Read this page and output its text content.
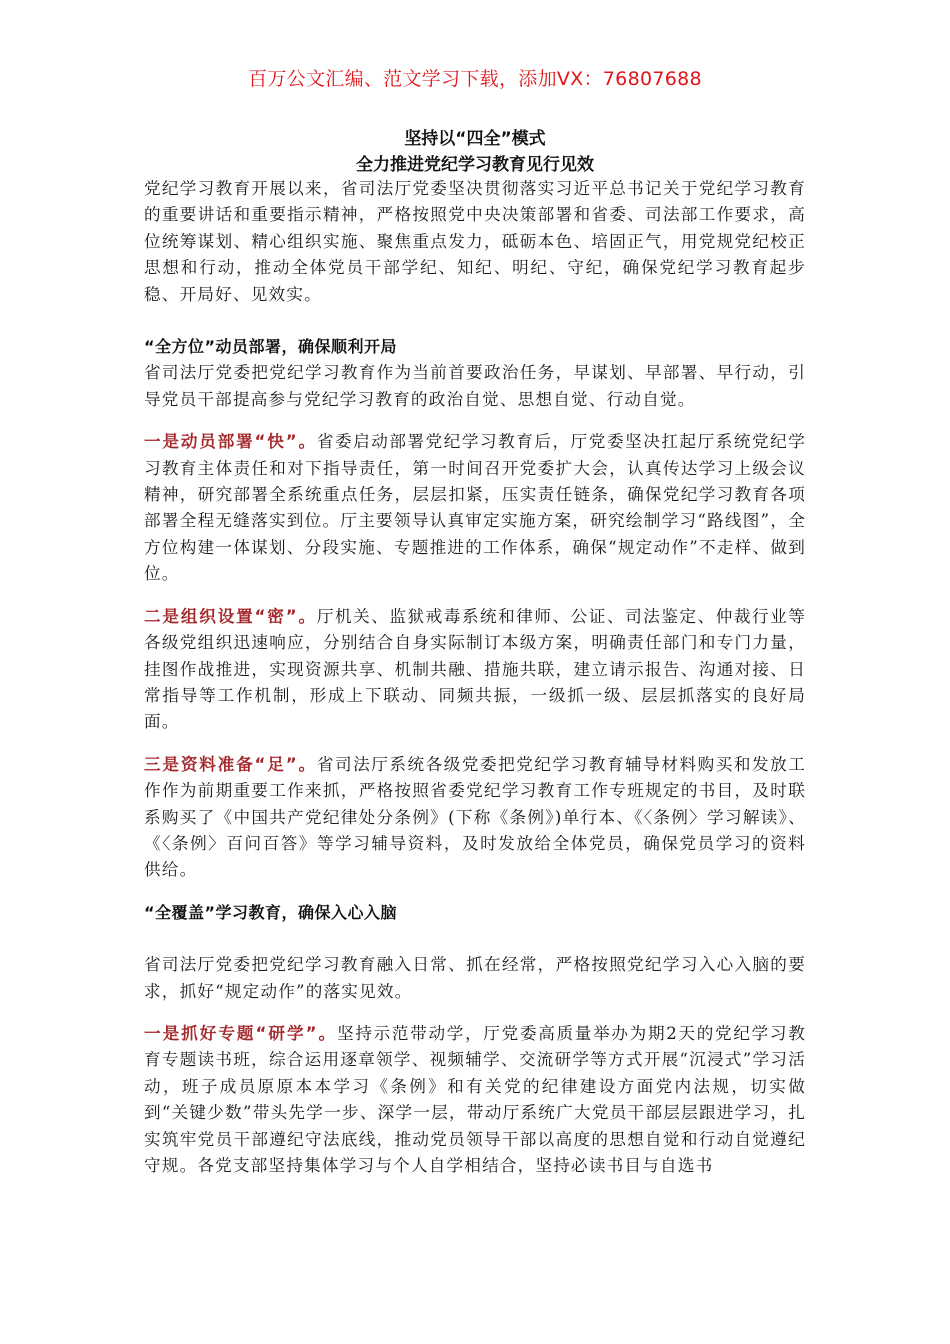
百万公文汇编、范文学习下载，添加VX：76807688
坚持以“四全”模式
全力推进党纪学习教育见行见效

党纪学习教育开展以来，省司法厅党委坚决贯彻落实习近平总书记关于党纪学习教育的重要讲话和重要指示精神，严格按照党中央决策部署和省委、司法部工作要求，高位统筹谋划、精心组织实施、聚焦重点发力，砥砺本色、培固正气，用党规党纪校正思想和行动，推动全体党员干部学纪、知纪、明纪、守纪，确保党纪学习教育起步稳、开局好、见效实。

“全方位”动员部署，确保顺利开局

省司法厅党委把党纪学习教育作为当前首要政治任务，早谋划、早部署、早行动，引导党员干部提高参与党纪学习教育的政治自觉、思想自觉、行动自觉。

一是动员部署“快”。省委启动部署党纪学习教育后，厅党委坚决扛起厅系统党纪学习教育主体责任和对下指导责任，第一时间召开党委扩大会，认真传达学习上级会议精神，研究部署全系统重点任务，层层扣紧，压实责任链条，确保党纪学习教育各项部署全程无缝落实到位。厅主要领导认真审定实施方案，研究绘制学习“路线图”，全方位构建一体谋划、分段实施、专题推进的工作体系，确保“规定动作”不走样、做到位。

二是组织设置“密”。厅机关、监狱戒毒系统和律师、公证、司法鉴定、仲裁行业等各级党组织迅速响应，分别结合自身实际制订本级方案，明确责任部门和专门力量，挂图作战推进，实现资源共享、机制共融、措施共联，建立请示报告、沟通对接、日常指导等工作机制，形成上下联动、同频共振，一级抓一级、层层抓落实的良好局面。

三是资料准备“足”。省司法厅系统各级党委把党纪学习教育辅导材料购买和发放工作作为前期重要工作来抓，严格按照省委党纪学习教育工作专班规定的书目，及时联系购买了《中国共产党纪律处分条例》(下称《条例》)单行本、《〈条例〉学习解读》、《〈条例〉百问百答》等学习辅导资料，及时发放给全体党员，确保党员学习的资料供给。

“全覆盖”学习教育，确保入心入脑

省司法厅党委把党纪学习教育融入日常、抓在经常，严格按照党纪学习入心入脑的要求，抓好“规定动作”的落实见效。

一是抓好专题“研学”。坚持示范带动学，厅党委高质量举办为期2天的党纪学习教育专题读书班，综合运用逐章领学、视频辅学、交流研学等方式开展“沉浸式”学习活动，班子成员原原本本学习《条例》和有关党的纪律建设方面党内法规，切实做到“关键少数”带头先学一步、深学一层，带动厅系统广大党员干部层层跟进学习，扎实筑牢党员干部遵纪守法底线，推动党员领导干部以高度的思想自觉和行动自觉遵纪守规。各党支部坚持集体学习与个人自学相结合，坚持必读书目与自选书
